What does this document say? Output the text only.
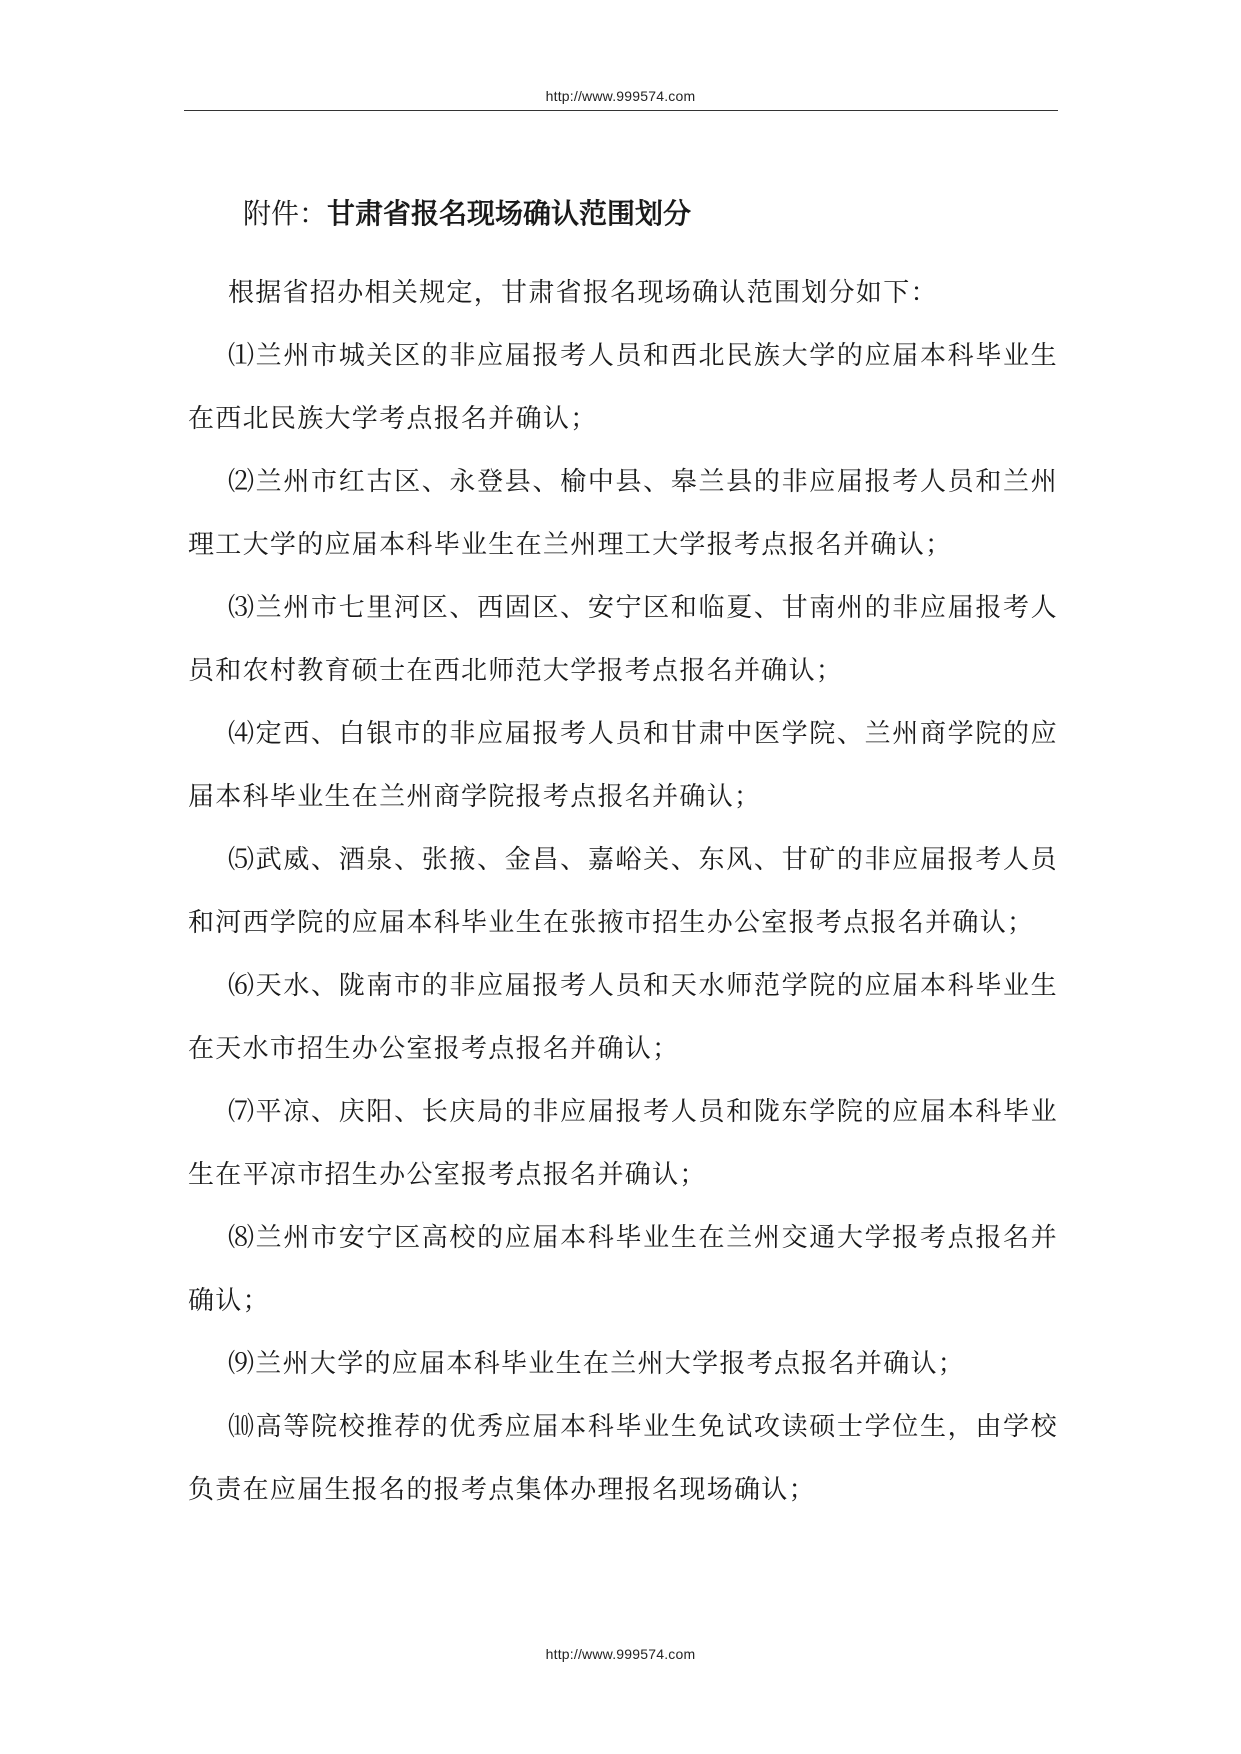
http://www.999574.com
附件：甘肃省报名现场确认范围划分

根据省招办相关规定，甘肃省报名现场确认范围划分如下：

⑴兰州市城关区的非应届报考人员和西北民族大学的应届本科毕业生在西北民族大学考点报名并确认；

⑵兰州市红古区、永登县、榆中县、皋兰县的非应届报考人员和兰州理工大学的应届本科毕业生在兰州理工大学报考点报名并确认；

⑶兰州市七里河区、西固区、安宁区和临夏、甘南州的非应届报考人员和农村教育硕士在西北师范大学报考点报名并确认；

⑷定西、白银市的非应届报考人员和甘肃中医学院、兰州商学院的应届本科毕业生在兰州商学院报考点报名并确认；

⑸武威、酒泉、张掖、金昌、嘉峪关、东风、甘矿的非应届报考人员和河西学院的应届本科毕业生在张掖市招生办公室报考点报名并确认；

⑹天水、陇南市的非应届报考人员和天水师范学院的应届本科毕业生在天水市招生办公室报考点报名并确认；

⑺平凉、庆阳、长庆局的非应届报考人员和陇东学院的应届本科毕业生在平凉市招生办公室报考点报名并确认；

⑻兰州市安宁区高校的应届本科毕业生在兰州交通大学报考点报名并确认；

⑼兰州大学的应届本科毕业生在兰州大学报考点报名并确认；

⑽高等院校推荐的优秀应届本科毕业生免试攻读硕士学位生，由学校负责在应届生报名的报考点集体办理报名现场确认；

http://www.999574.com
